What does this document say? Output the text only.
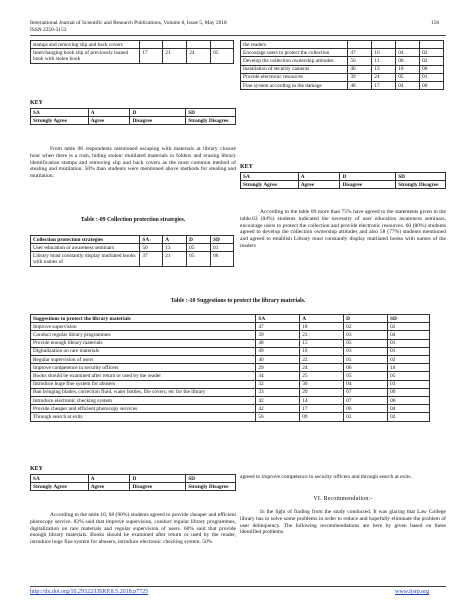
International Journal of Scientific and Research Publications, Volume 8, Issue 5, May 2018
ISSN 2250-3153
156
stamps and removing slip and back covers				
Interchanging book slip of previously loaned book with stolen book	17	21	24	05
KEY
SA	A	D	SD
Strongly Agree	Agree	Disagree	Strongly Disagree

From table 08 respondents mentioned escaping with materials at library closure hour when there is a rush, hiding stolen/ mutilated materials in folders and erasing library identification stamps and removing slip and back covers as the most common method of stealing and mutilation. 50% than students were mentioned above methods for stealing and mutilation.

Table :-09 Collection protection strategies.
Collection protection strategies	SA	A	D	SD
User education or awareness seminars	50	13	05	01
Library must constantly display mutilated books with names of	37	21	05	06
the readers				
Encourage users to protect the collection	47	16	04	02
Develop the collection ownership attitudes	56	11	00	02
Installation of security cameras	46	13	10	00
Provide electronic resources	39	24	05	01
Fine system according to the damage	48	17	04	00
KEY
SA	A	D	SD
Strongly Agree	Agree	Disagree	Strongly Disagree

According to the table 09 more than 75% have agreed to the statements given in the table.63 (84%) students indicated the necessity of user education awareness seminars, encourage users to protect the collection and provide electronic resources. 60 (80%) students agreed to develop the collection ownership attitudes and also 58 (77%) students mentioned and agreed to establish Library must constantly display mutilated books with names of the readers

Table :-10 Suggestions to protect the library materials.
Suggestions to protect the library materials	SA	A	D	SD
Improve supervision	47	18	02	02
Conduct regular library programmes	39	23	03	04
Provide enough library materials	48	15	05	01
Digitalization on rare materials	49	16	03	01
Regular supervision of users	40	22	05	02
Improve competence in security officers	29	24	06	10
Books should be examined after return or used by the reader	34	25	05	05
Introduce huge fine system for abusers	32	30	04	03
Ban bringing blades, correction fluid, water bottles, file covers, etc for the library	33	20	07	09
Introduce electronic checking system	42	14	07	06
Provide cheaper and efficient photocopy services	42	17	06	04
Through search at exits	56	09	02	02
KEY
SA	A	D	SD
Strongly Agree	Agree	Disagree	Strongly Disagree

According to the table 10, 68 (90%) students agreed to provide cheaper and efficient photocopy service. 82% said that improve supervision, conduct regular library programmes, digitalization on rare materials and regular supervision of users. 60% said that provide enough library materials. Books should be examined after return or used by the reader, introduce huge fine system for abusers, introduce electronic checking system. 50%

agreed to improve competence in security officers and through search at exits.

VI. Recommendation:-

In the light of finding from the study conducted. It was glaring that Law College library has to solve some problems in order to reduce and hopefully eliminate the problem of user delinquency. The following recommendations are here by given based on these identified problems.

http://dx.doi.org/10.29322/IJSRP.8.5.2018.p7725	www.ijsrp.org
